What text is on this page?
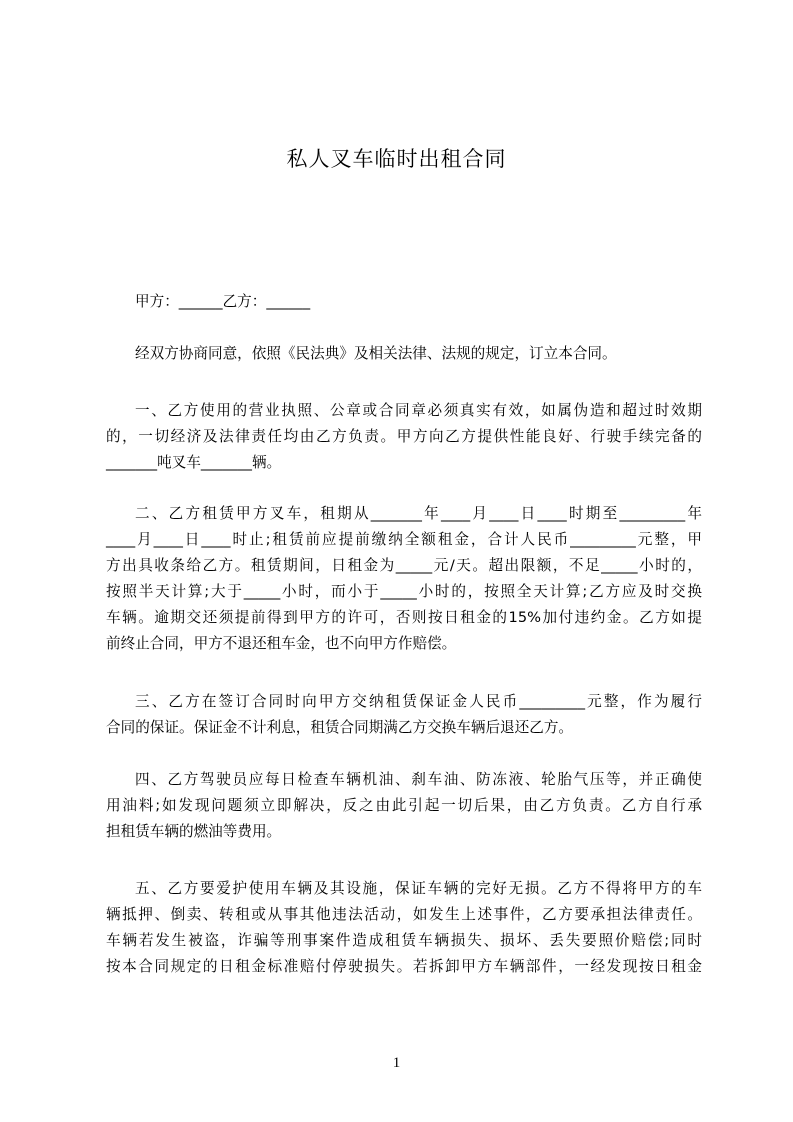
私人叉车临时出租合同
甲方：______乙方：______
经双方协商同意，依照《民法典》及相关法律、法规的规定，订立本合同。
一、乙方使用的营业执照、公章或合同章必须真实有效，如属伪造和超过时效期
的，一切经济及法律责任均由乙方负责。甲方向乙方提供性能良好、行驶手续完备的
_______吨叉车_______辆。
二、乙方租赁甲方叉车，租期从_______年____月____日____时期至_________年
____月____日____时止;租赁前应提前缴纳全额租金，合计人民币_________元整，甲
方出具收条给乙方。租赁期间，日租金为_____元/天。超出限额，不足_____小时的，
按照半天计算;大于_____小时，而小于_____小时的，按照全天计算;乙方应及时交换
车辆。逾期交还须提前得到甲方的许可，否则按日租金的15%加付违约金。乙方如提
前终止合同，甲方不退还租车金，也不向甲方作赔偿。
三、乙方在签订合同时向甲方交纳租赁保证金人民币_________元整，作为履行
合同的保证。保证金不计利息，租赁合同期满乙方交换车辆后退还乙方。
四、乙方驾驶员应每日检查车辆机油、刹车油、防冻液、轮胎气压等，并正确使
用油料;如发现问题须立即解决，反之由此引起一切后果，由乙方负责。乙方自行承
担租赁车辆的燃油等费用。
五、乙方要爱护使用车辆及其设施，保证车辆的完好无损。乙方不得将甲方的车
辆抵押、倒卖、转租或从事其他违法活动，如发生上述事件，乙方要承担法律责任。
车辆若发生被盗，诈骗等刑事案件造成租赁车辆损失、损坏、丢失要照价赔偿;同时
按本合同规定的日租金标准赔付停驶损失。若拆卸甲方车辆部件，一经发现按日租金
1
